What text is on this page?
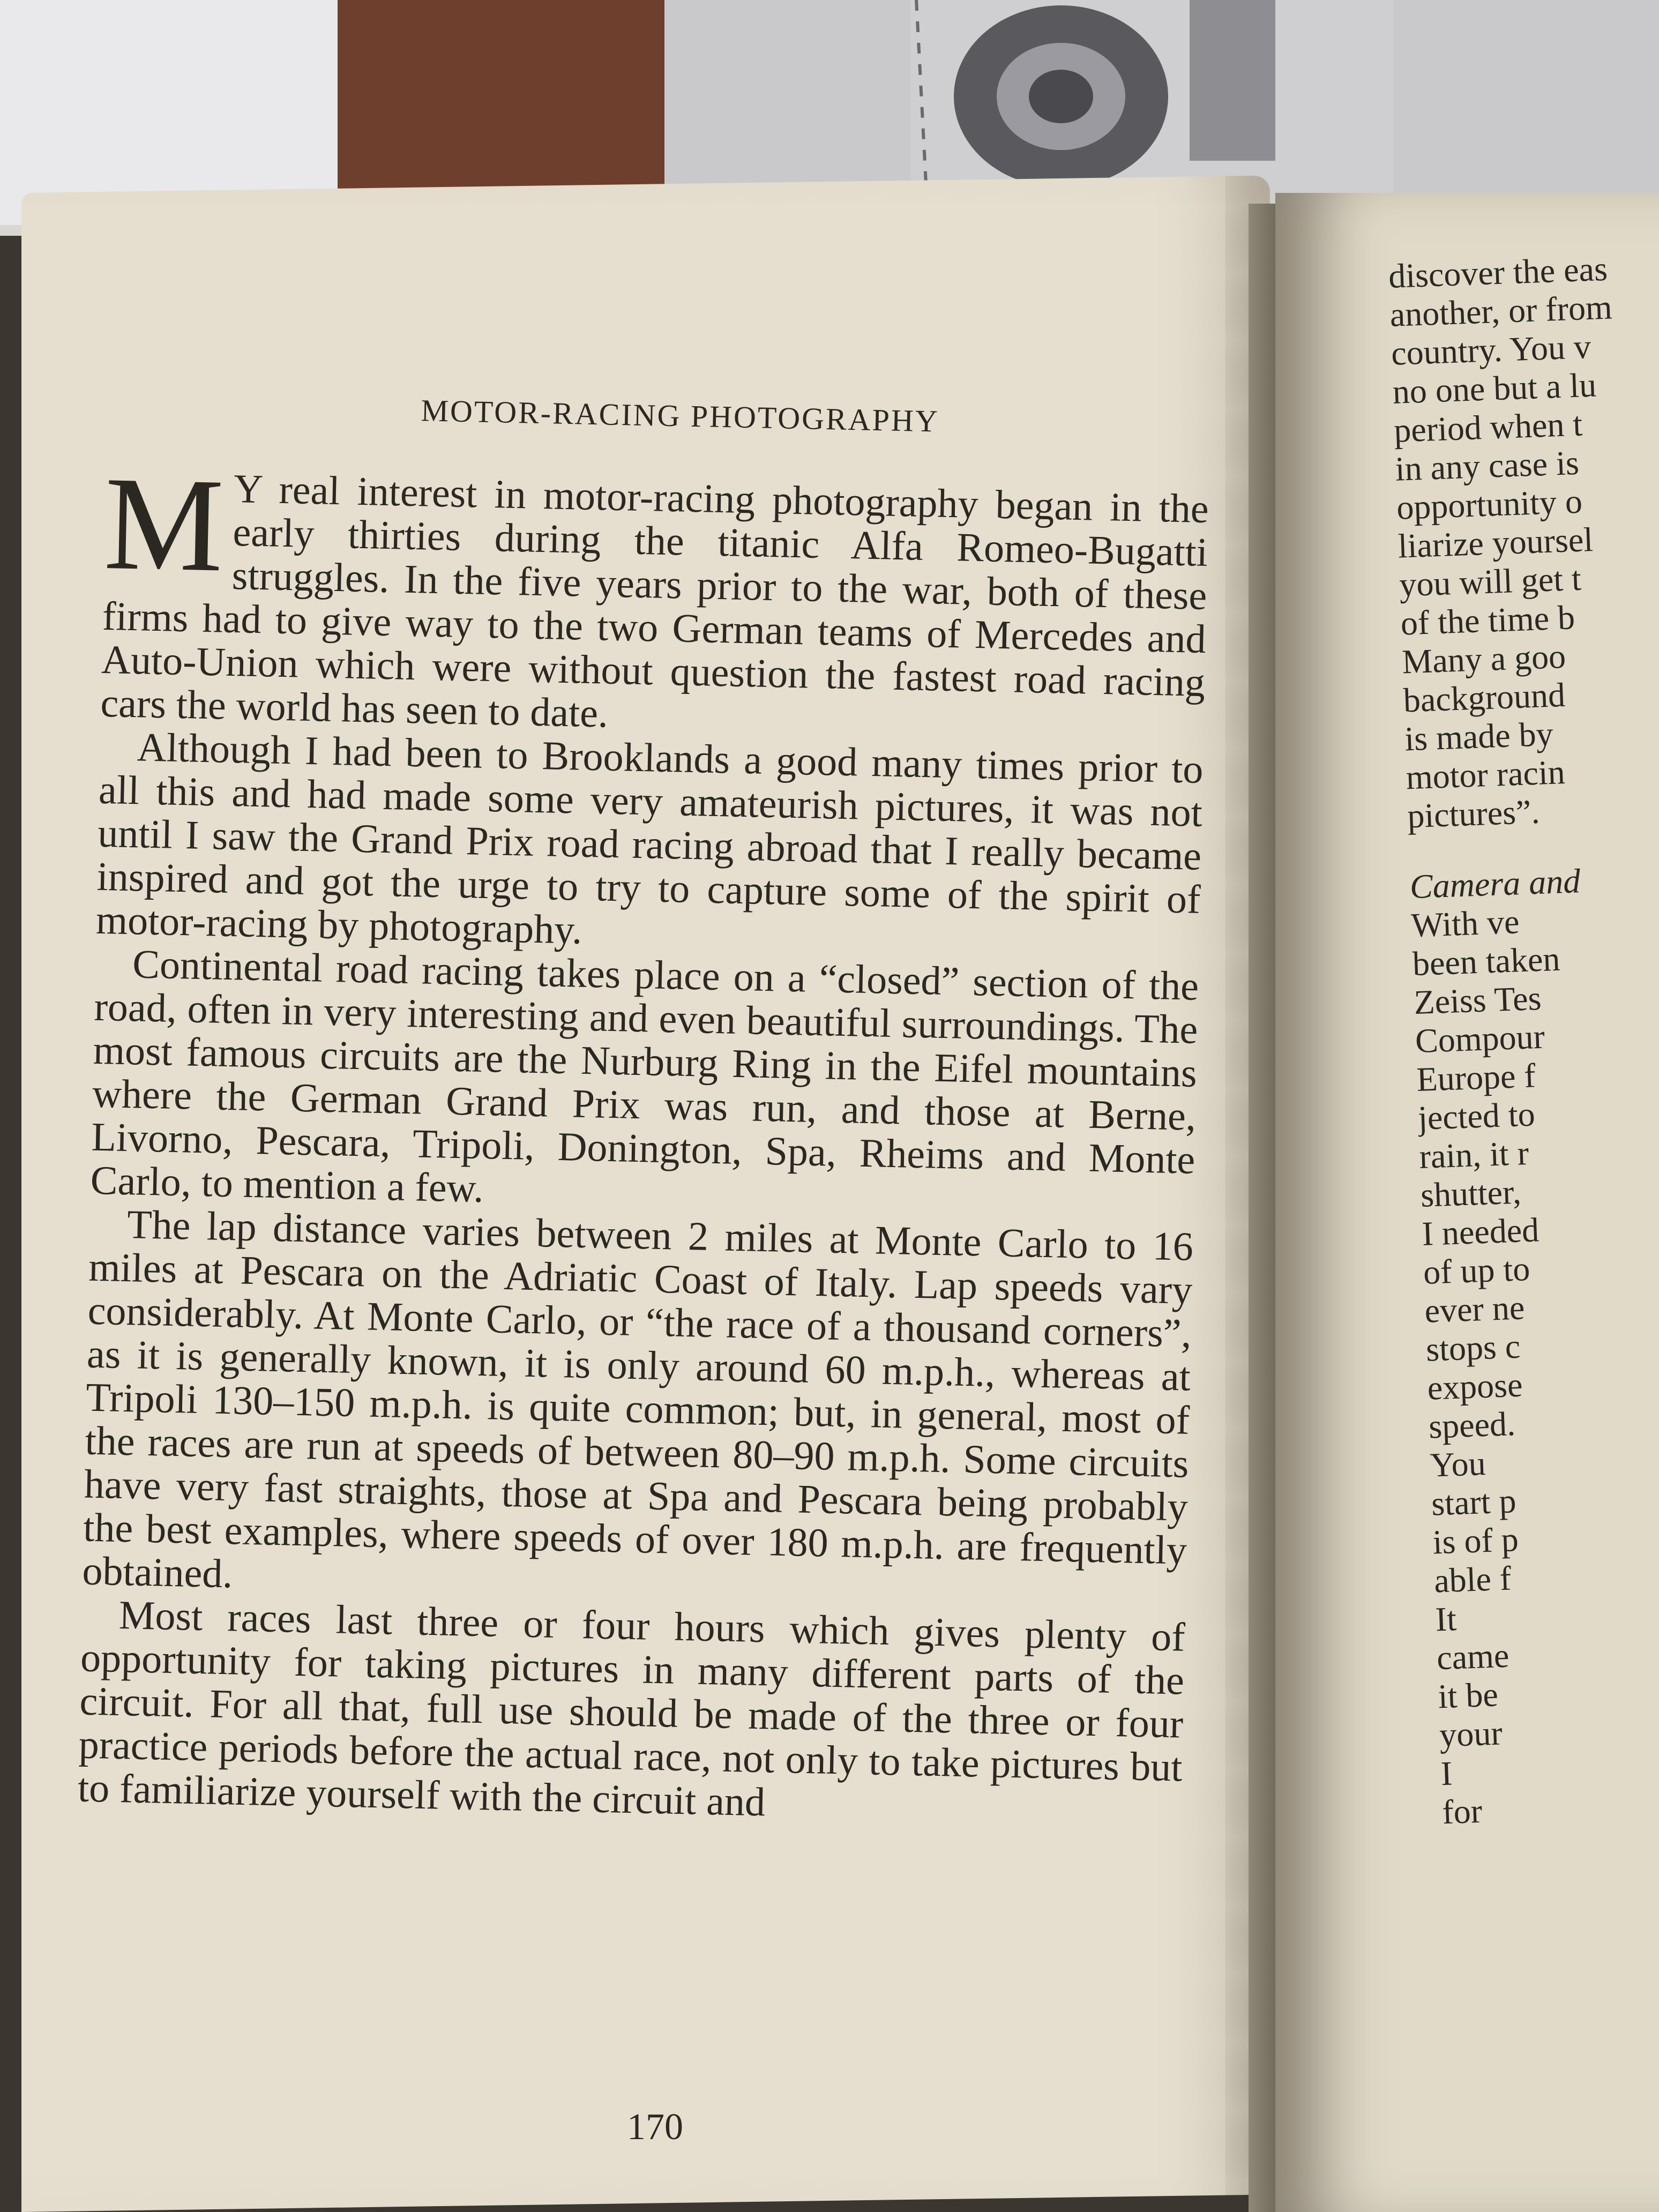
MOTOR-RACING PHOTOGRAPHY

M Y real interest in motor-racing photography began in the early thirties during the titanic Alfa Romeo-Bugatti struggles. In the five years prior to the war, both of these firms had to give way to the two German teams of Mercedes and Auto-Union which were without question the fastest road racing cars the world has seen to date.

Although I had been to Brooklands a good many times prior to all this and had made some very amateurish pictures, it was not until I saw the Grand Prix road racing abroad that I really became inspired and got the urge to try to capture some of the spirit of motor-racing by photography.

Continental road racing takes place on a “closed” section of the road, often in very interesting and even beautiful surroundings. The most famous circuits are the Nurburg Ring in the Eifel mountains where the German Grand Prix was run, and those at Berne, Livorno, Pescara, Tripoli, Donington, Spa, Rheims and Monte Carlo, to mention a few.

The lap distance varies between 2 miles at Monte Carlo to 16 miles at Pescara on the Adriatic Coast of Italy. Lap speeds vary considerably. At Monte Carlo, or “the race of a thousand corners”, as it is generally known, it is only around 60 m.p.h., whereas at Tripoli 130–150 m.p.h. is quite common; but, in general, most of the races are run at speeds of between 80–90 m.p.h. Some circuits have very fast straights, those at Spa and Pescara being probably the best examples, where speeds of over 180 m.p.h. are frequently obtained.

Most races last three or four hours which gives plenty of opportunity for taking pictures in many different parts of the circuit. For all that, full use should be made of the three or four practice periods before the actual race, not only to take pictures but to familiarize yourself with the circuit and

170
discover the eas
another, or from
country. You v
no one but a lu
period when t
in any case is
opportunity o
liarize yoursel
you will get t
of the time b
Many a goo
background
is made by
motor racin
pictures”.
Camera and
With ve
been taken
Zeiss Tes
Compour
Europe f
jected to
rain, it r
shutter,
I needed
of up to
ever ne
stops c
expose
speed.
You
start p
is of p
able f
It
came
it be
your
I
for
